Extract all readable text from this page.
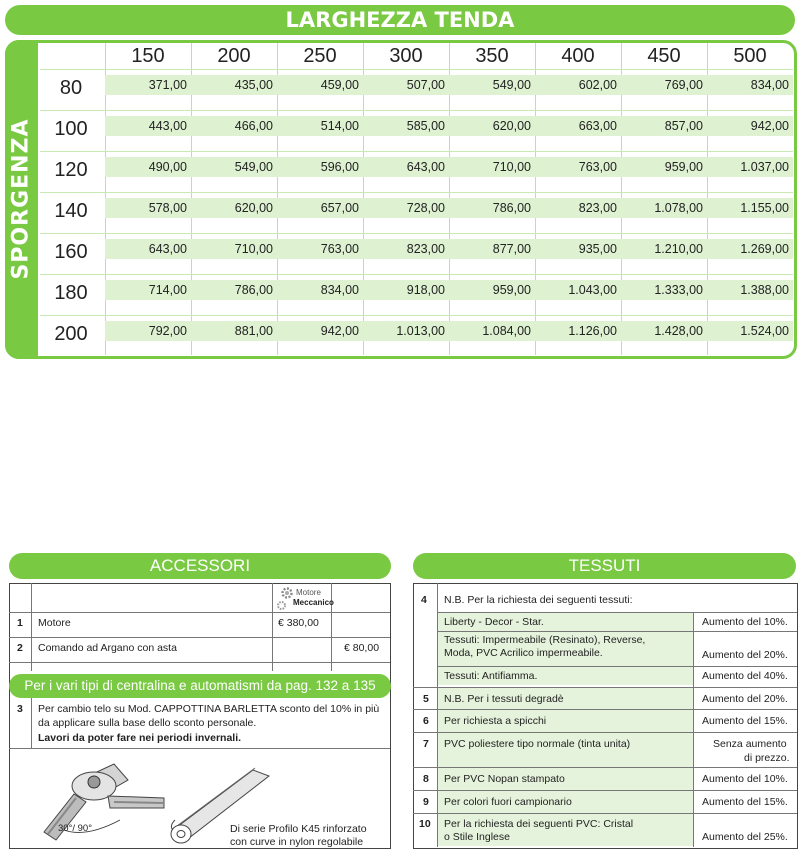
LARGHEZZA TENDA
SPORGENZA
150	200	250	300	350	400	450	500
80	371,00	435,00	459,00	507,00	549,00	602,00	769,00	834,00
100	443,00	466,00	514,00	585,00	620,00	663,00	857,00	942,00
120	490,00	549,00	596,00	643,00	710,00	763,00	959,00	1.037,00
140	578,00	620,00	657,00	728,00	786,00	823,00	1.078,00	1.155,00
160	643,00	710,00	763,00	823,00	877,00	935,00	1.210,00	1.269,00
180	714,00	786,00	834,00	918,00	959,00	1.043,00	1.333,00	1.388,00
200	792,00	881,00	942,00	1.013,00	1.084,00	1.126,00	1.428,00	1.524,00
ACCESSORI
Motore
Meccanico
1 Motore	€ 380,00
2 Comando ad Argano con asta	€ 80,00
Per i vari tipi di centralina e automatismi da pag. 132 a 135
3 Per cambio telo su Mod. CAPPOTTINA BARLETTA sconto del 10% in più
da applicare sulla base dello sconto personale.
Lavori da poter fare nei periodi invernali.
30°/ 90°	Di serie Profilo K45 rinforzato
con curve in nylon regolabile
TESSUTI
4 N.B. Per la richiesta dei seguenti tessuti:
Liberty - Decor - Star.	Aumento del 10%.
Tessuti: Impermeabile (Resinato), Reverse,
Moda, PVC Acrilico impermeabile.	Aumento del 20%.
Tessuti: Antifiamma.	Aumento del 40%.
5 N.B. Per i tessuti degradè	Aumento del 20%.
6 Per richiesta a spicchi	Aumento del 15%.
7 PVC poliestere tipo normale (tinta unita)	Senza aumento
di prezzo.
8 Per PVC Nopan stampato	Aumento del 10%.
9 Per colori fuori campionario	Aumento del 15%.
10 Per la richiesta dei seguenti PVC: Cristal
o Stile Inglese	Aumento del 25%.
